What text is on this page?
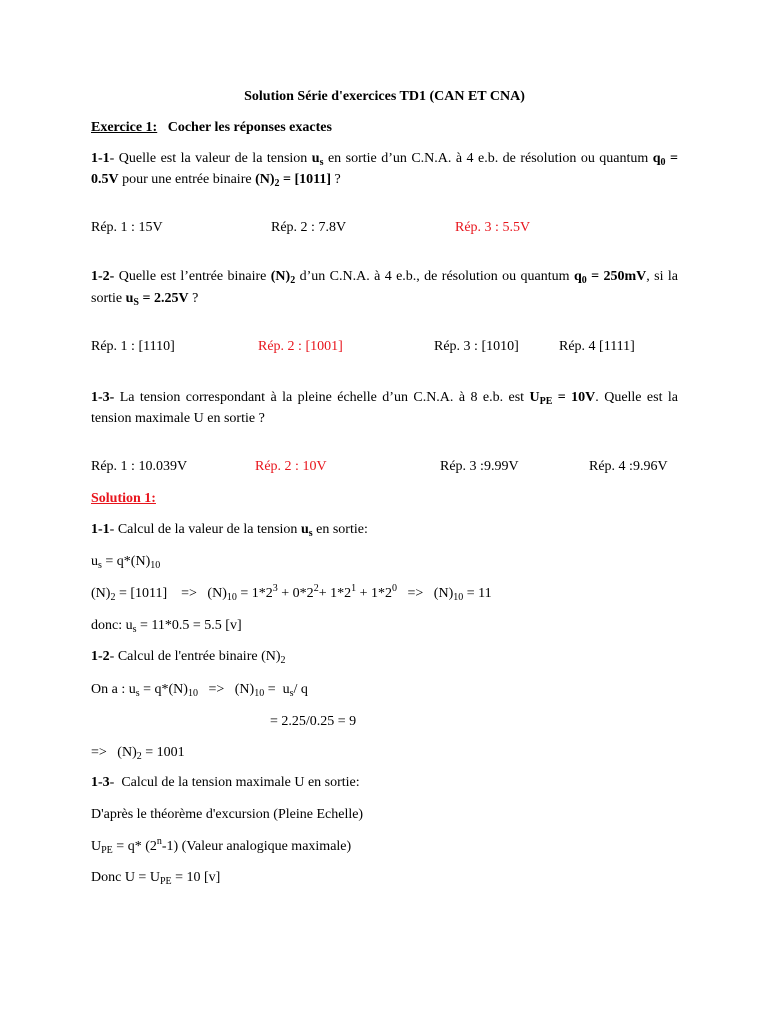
Solution Série d'exercices TD1 (CAN ET CNA)
Exercice 1: Cocher les réponses exactes
1-1- Quelle est la valeur de la tension $u_s$ en sortie d’un C.N.A. à 4 e.b. de résolution ou quantum $q_0 = 0.5V$ pour une entrée binaire $(N)_2 = [1011]$ ?
Rép. 1 : 15V	Rép. 2 : 7.8V	Rép. 3 : 5.5V
1-2- Quelle est l’entrée binaire $(N)_2$ d’un C.N.A. à 4 e.b., de résolution ou quantum $q_0 = 250mV$, si la sortie $u_S = 2.25V$ ?
Rép. 1 : [1110]	Rép. 2 : [1001]	Rép. 3 : [1010]	Rép. 4 [1111]
1-3- La tension correspondant à la pleine échelle d’un C.N.A. à 8 e.b. est $U_{PE} = 10V$. Quelle est la tension maximale U en sortie ?
Rép. 1 : 10.039V	Rép. 2 : 10V	Rép. 3 :9.99V	Rép. 4 :9.96V
Solution 1:
1-1- Calcul de la valeur de la tension $u_s$ en sortie:
$u_s = q*(N)_{10}$
$(N)_2 = [1011]$    =>   $(N)_{10} = 1*2^3 + 0*2^2+ 1*2^1 + 1*2^0 => (N)_{10} = 11$
donc: $u_s = 11*0.5 = 5.5$ [v]
1-2- Calcul de l'entrée binaire $(N)_2$
On a : $u_s = q*(N)_{10} => (N)_{10} = u_s/$ q
= 2.25/0.25 = 9
=>   $(N)_2 = 1001$
1-3-  Calcul de la tension maximale U en sortie:
D'après le théorème d'excursion (Pleine Echelle)
$U_{PE} = q*$ (2$^n$-1) (Valeur analogique maximale)
Donc $U = U_{PE} = 10$ [v]
